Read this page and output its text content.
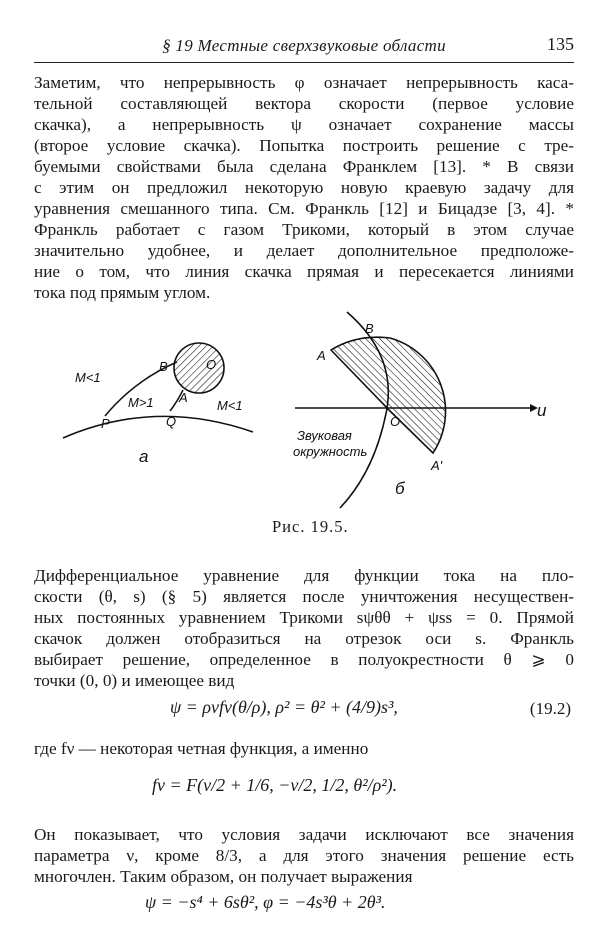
§ 19 Местные сверхзвуковые области	135
Заметим, что непрерывность φ означает непрерывность каса-
тельной составляющей вектора скорости (первое условие
скачка), а непрерывность ψ означает сохранение массы
(второе условие скачка). Попытка построить решение с тре-
буемыми свойствами была сделана Франклем [13]. * В связи
с этим он предложил некоторую новую краевую задачу для
уравнения смешанного типа. См. Франкль [12] и Бицадзе [3, 4]. *
Франкль работает с газом Трикоми, который в этом случае
значительно удобнее, и делает дополнительное предположе-
ние о том, что линия скачка прямая и пересекается линиями
тока под прямым углом.
M<1
M>1	M<1
B	O
A
P	Q
a
B
A
O
A'
u
Звуковая
окружность
б
Рис. 19.5.
Дифференциальное уравнение для функции тока на пло-
скости (θ, s) (§ 5) является после уничтожения несуществен-
ных постоянных уравнением Трикоми sψθθ + ψss = 0. Прямой
скачок должен отобразиться на отрезок оси s. Франкль
выбирает решение, определенное в полуокрестности θ ⩾ 0
точки (0, 0) и имеющее вид
ψ = ρνfν(θ/ρ), ρ² = θ² + (4/9)s³,	(19.2)
где fν — некоторая четная функция, а именно
fν = F(ν/2 + 1/6, −ν/2, 1/2, θ²/ρ²).
Он показывает, что условия задачи исключают все значения
параметра ν, кроме 8/3, а для этого значения решение есть
многочлен. Таким образом, он получает выражения
ψ = −s⁴ + 6sθ², φ = −4s³θ + 2θ³.
